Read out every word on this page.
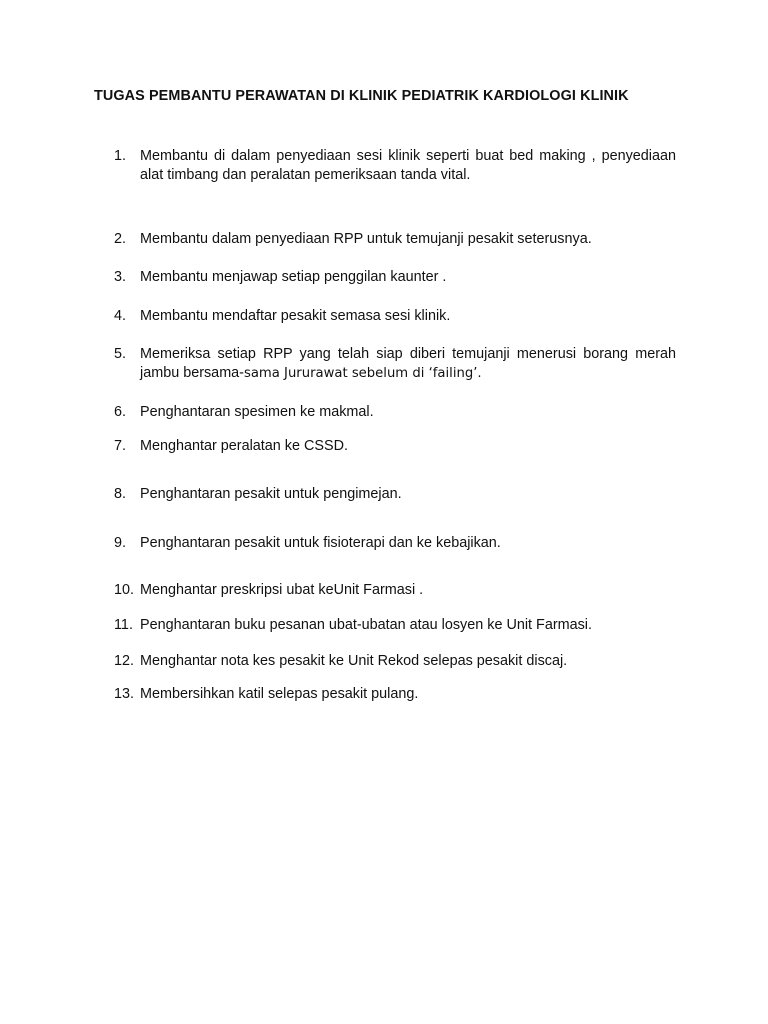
TUGAS PEMBANTU PERAWATAN DI KLINIK PEDIATRIK KARDIOLOGI KLINIK
1. Membantu di dalam penyediaan sesi klinik seperti buat bed making , penyediaan alat timbang dan peralatan pemeriksaan tanda vital.
2. Membantu dalam penyediaan RPP untuk temujanji pesakit seterusnya.
3. Membantu menjawap setiap penggilan kaunter .
4. Membantu mendaftar pesakit semasa sesi klinik.
5. Memeriksa setiap RPP yang telah siap diberi temujanji menerusi borang merah jambu bersama-sama Jururawat sebelum di ‘failing’.
6. Penghantaran spesimen ke makmal.
7. Menghantar peralatan ke CSSD.
8. Penghantaran pesakit untuk pengimejan.
9. Penghantaran pesakit untuk fisioterapi dan ke kebajikan.
10. Menghantar preskripsi ubat keUnit Farmasi .
11. Penghantaran buku pesanan ubat-ubatan atau losyen ke Unit Farmasi.
12. Menghantar nota kes pesakit ke Unit Rekod selepas pesakit discaj.
13. Membersihkan katil selepas pesakit pulang.
